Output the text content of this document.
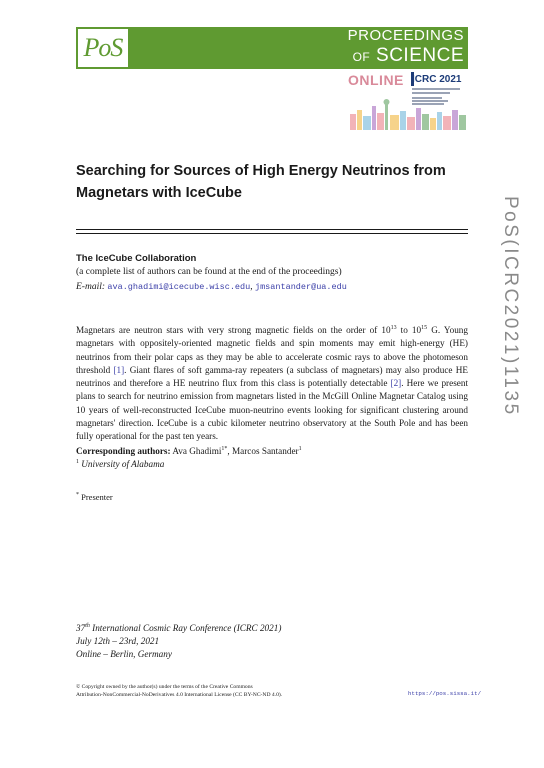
PoS	PROCEEDINGS
OF SCIENCE
ONLINE ICRC 2021
Searching for Sources of High Energy Neutrinos from Magnetars with IceCube
PoS(ICRC2021)1135
The IceCube Collaboration
(a complete list of authors can be found at the end of the proceedings)
E-mail: ava.ghadimi@icecube.wisc.edu, jmsantander@ua.edu
Magnetars are neutron stars with very strong magnetic fields on the order of $10^{13}$ to $10^{15}$ G. Young magnetars with oppositely-oriented magnetic fields and spin moments may emit high-energy (HE) neutrinos from their polar caps as they may be able to accelerate cosmic rays to above the photomeson threshold [1]. Giant flares of soft gamma-ray repeaters (a subclass of magnetars) may also produce HE neutrinos and therefore a HE neutrino flux from this class is potentially detectable [2]. Here we present plans to search for neutrino emission from magnetars listed in the McGill Online Magnetar Catalog using 10 years of well-reconstructed IceCube muon-neutrino events looking for significant clustering around magnetars' direction. IceCube is a cubic kilometer neutrino observatory at the South Pole and has been fully operational for the past ten years.
Corresponding authors: Ava Ghadimi$^{1*}$, Marcos Santander$^1$
$^1$ University of Alabama
* Presenter
37th International Cosmic Ray Conference (ICRC 2021)
July 12th – 23rd, 2021
Online – Berlin, Germany
© Copyright owned by the author(s) under the terms of the Creative Commons
Attribution-NonCommercial-NoDerivatives 4.0 International License (CC BY-NC-ND 4.0).	https://pos.sissa.it/
